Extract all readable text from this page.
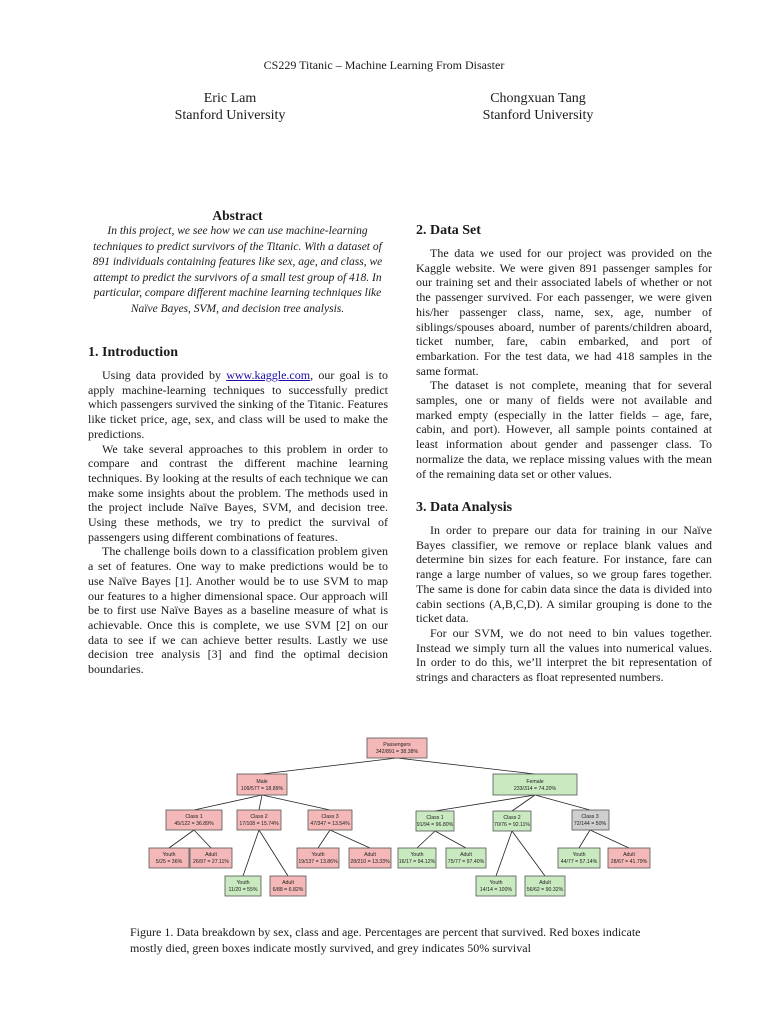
CS229 Titanic – Machine Learning From Disaster
Eric Lam
Stanford University
Chongxuan Tang
Stanford University
Abstract
In this project, we see how we can use machine-learning techniques to predict survivors of the Titanic. With a dataset of 891 individuals containing features like sex, age, and class, we attempt to predict the survivors of a small test group of 418. In particular, compare different machine learning techniques like Naïve Bayes, SVM, and decision tree analysis.
1. Introduction

Using data provided by www.kaggle.com, our goal is to apply machine-learning techniques to successfully predict which passengers survived the sinking of the Titanic. Features like ticket price, age, sex, and class will be used to make the predictions.

We take several approaches to this problem in order to compare and contrast the different machine learning techniques. By looking at the results of each technique we can make some insights about the problem. The methods used in the project include Naïve Bayes, SVM, and decision tree. Using these methods, we try to predict the survival of passengers using different combinations of features.

The challenge boils down to a classification problem given a set of features. One way to make predictions would be to use Naïve Bayes [1]. Another would be to use SVM to map our features to a higher dimensional space. Our approach will be to first use Naïve Bayes as a baseline measure of what is achievable. Once this is complete, we use SVM [2] on our data to see if we can achieve better results. Lastly we use decision tree analysis [3] and find the optimal decision boundaries.

2. Data Set

The data we used for our project was provided on the Kaggle website. We were given 891 passenger samples for our training set and their associated labels of whether or not the passenger survived. For each passenger, we were given his/her passenger class, name, sex, age, number of siblings/spouses aboard, number of parents/children aboard, ticket number, fare, cabin embarked, and port of embarkation. For the test data, we had 418 samples in the same format.

The dataset is not complete, meaning that for several samples, one or many of fields were not available and marked empty (especially in the latter fields – age, fare, cabin, and port). However, all sample points contained at least information about gender and passenger class. To normalize the data, we replace missing values with the mean of the remaining data set or other values.

3. Data Analysis

In order to prepare our data for training in our Naïve Bayes classifier, we remove or replace blank values and determine bin sizes for each feature. For instance, fare can range a large number of values, so we group fares together. The same is done for cabin data since the data is divided into cabin sections (A,B,C,D). A similar grouping is done to the ticket data.

For our SVM, we do not need to bin values together. Instead we simply turn all the values into numerical values. In order to do this, we’ll interpret the bit representation of strings and characters as float represented numbers.

Passengers
342/891 = 38.38%
Male
109/577 = 18.89%
Female
233/314 = 74.20%
Class 1
45/122 = 36.89%
Class 2
17/108 = 15.74%
Class 3
47/347 = 13.54%
Class 1
91/94 = 96.80%
Class 2
70/76 = 92.11%
Class 3
72/144 = 50%
Youth
5/25 = 36%
Adult
26/97 = 27.11%
Youth
11/20 = 55%
Adult
6/88 = 6.82%
Youth
19/137 = 13.86%
Adult
28/210 = 13.33%
Youth
16/17 = 94.12%
Adult
75/77 = 97.40%
Youth
14/14 = 100%
Adult
56/62 = 90.32%
Youth
44/77 = 57.14%
Adult
28/67 = 41.79%
Figure 1. Data breakdown by sex, class and age. Percentages are percent that survived. Red boxes indicate mostly died, green boxes indicate mostly survived, and grey indicates 50% survival
